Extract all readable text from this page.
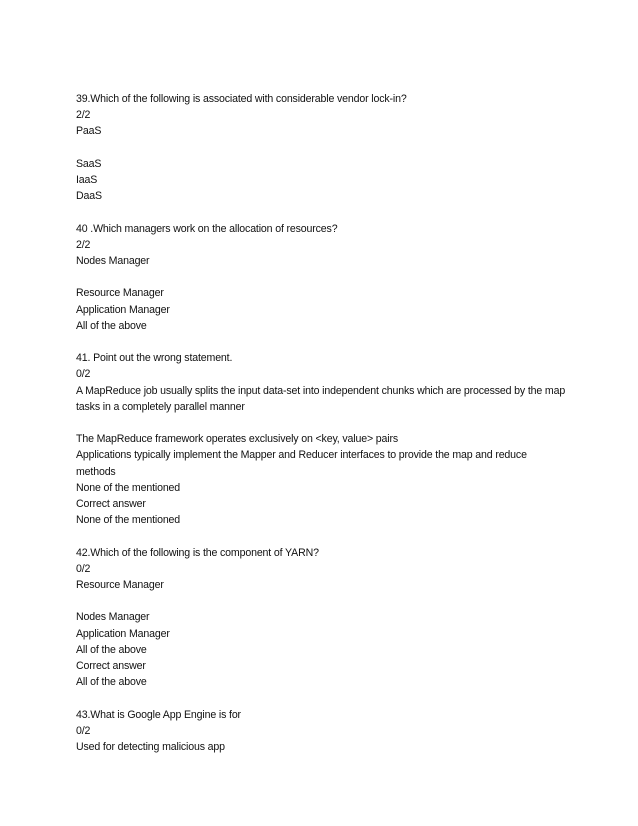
39.Which of the following is associated with considerable vendor lock-in?
2/2
PaaS
SaaS
IaaS
DaaS
40 .Which managers work on the allocation of resources?
2/2
Nodes Manager
Resource Manager
Application Manager
All of the above
41. Point out the wrong statement.
0/2
A MapReduce job usually splits the input data-set into independent chunks which are processed by the map tasks in a completely parallel manner
The MapReduce framework operates exclusively on <key, value> pairs
Applications typically implement the Mapper and Reducer interfaces to provide the map and reduce methods
None of the mentioned
Correct answer
None of the mentioned
42.Which of the following is the component of YARN?
0/2
Resource Manager
Nodes Manager
Application Manager
All of the above
Correct answer
All of the above
43.What is Google App Engine is for
0/2
Used for detecting malicious app
